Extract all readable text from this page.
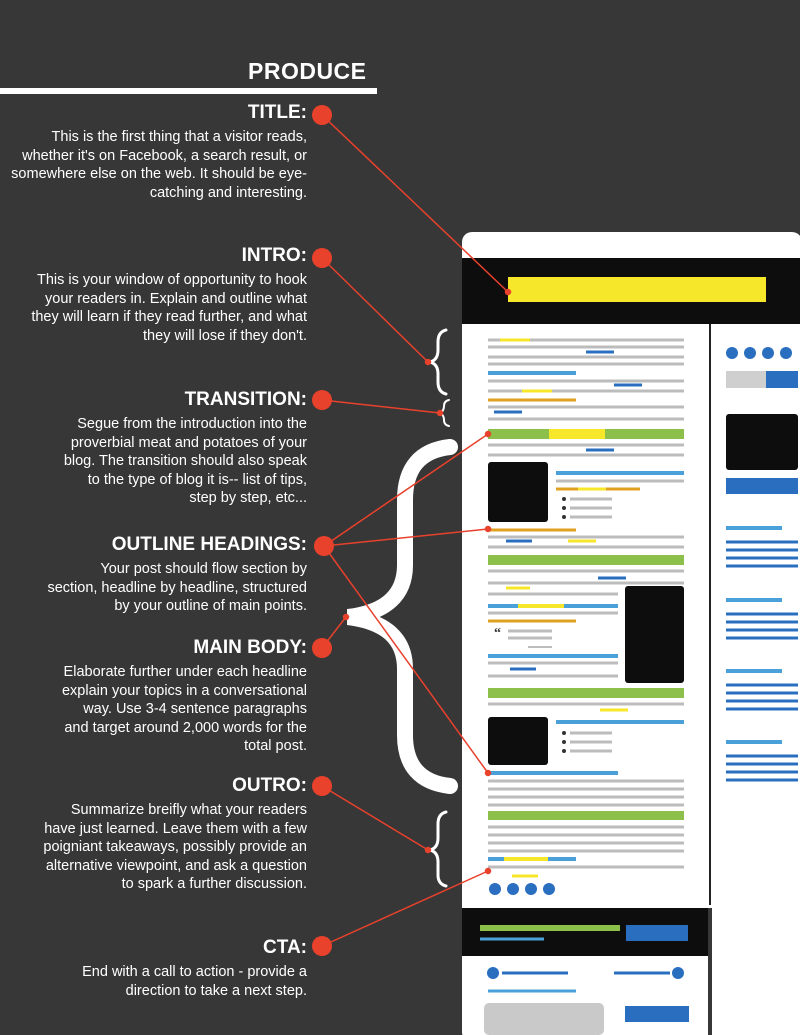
PRODUCE
TITLE:

This is the first thing that a visitor reads, whether it's on Facebook, a search result, or somewhere else on the web. It should be eye-catching and interesting.

INTRO:

This is your window of opportunity to hook your readers in. Explain and outline what they will learn if they read further, and what they will lose if they don't.

TRANSITION:

Segue from the introduction into the proverbial meat and potatoes of your blog. The transition should also speak to the type of blog it is-- list of tips, step by step, etc...

OUTLINE HEADINGS:

Your post should flow section by section, headline by headline, structured by your outline of main points.

MAIN BODY:

Elaborate further under each headline explain your topics in a conversational way. Use 3-4 sentence paragraphs and target around 2,000 words for the total post.

OUTRO:

Summarize breifly what your readers have just learned. Leave them with a few poigniant takeaways, possibly provide an alternative viewpoint, and ask a question to spark a further discussion.

CTA:

End with a call to action - provide a direction to take a next step.

“
